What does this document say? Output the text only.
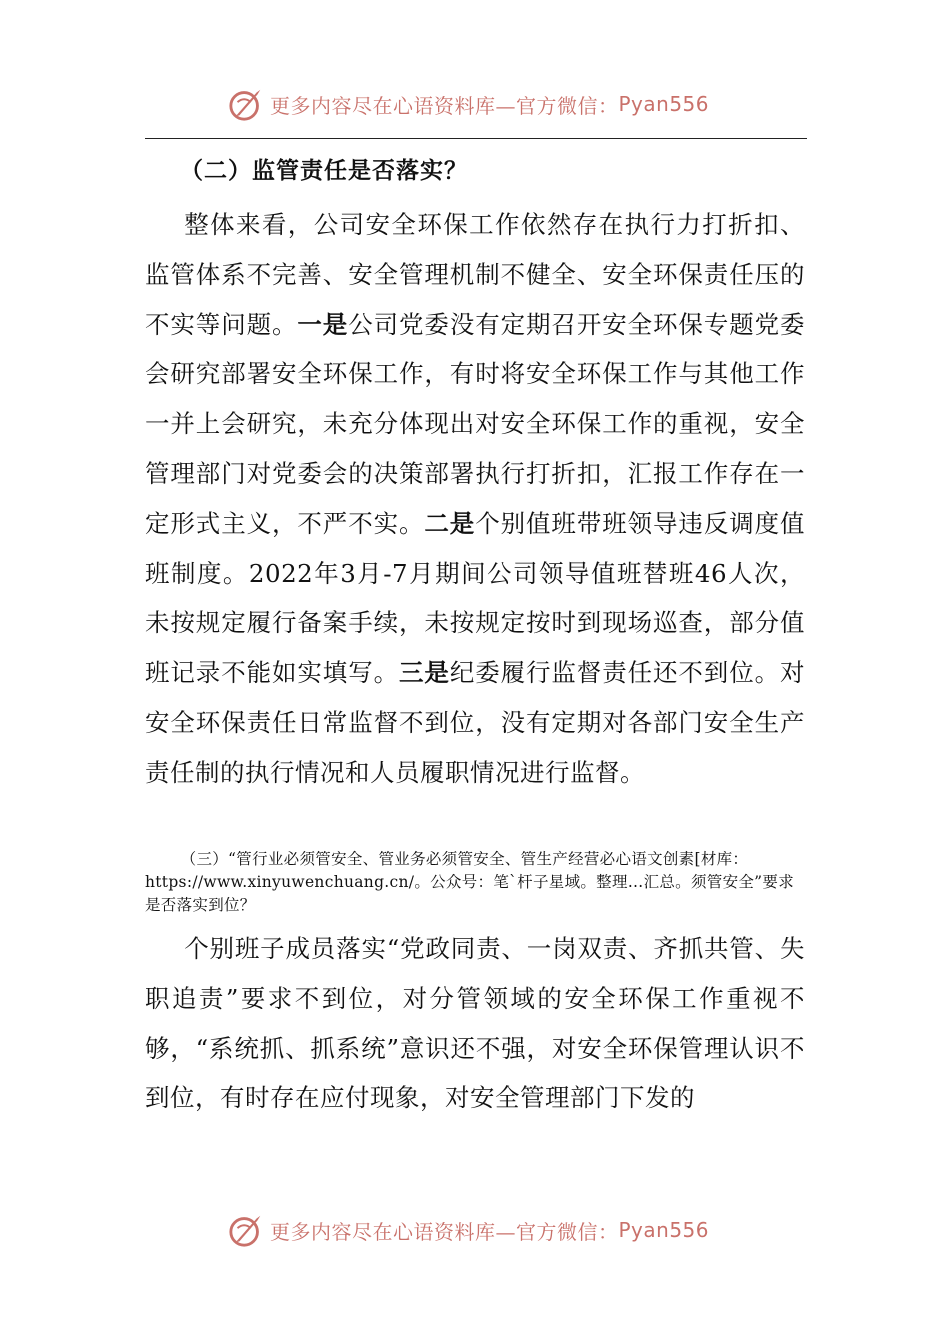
更多内容尽在心语资料库—官方微信： Pyan556
（二）监管责任是否落实？

整体来看，公司安全环保工作依然存在执行力打折扣、监管体系不完善、安全管理机制不健全、安全环保责任压的不实等问题。一是公司党委没有定期召开安全环保专题党委会研究部署安全环保工作，有时将安全环保工作与其他工作一并上会研究，未充分体现出对安全环保工作的重视，安全管理部门对党委会的决策部署执行打折扣，汇报工作存在一定形式主义，不严不实。二是个别值班带班领导违反调度值班制度。2022年3月-7月期间公司领导值班替班46人次，未按规定履行备案手续，未按规定按时到现场巡查，部分值班记录不能如实填写。三是纪委履行监督责任还不到位。对安全环保责任日常监督不到位，没有定期对各部门安全生产责任制的执行情况和人员履职情况进行监督。

（三）“管行业必须管安全、管业务必须管安全、管生产经营必心语文创素[材库：https://www.xinyuwenchuang.cn/。公众号：笔`杆子星域。整理…汇总。须管安全”要求是否落实到位？

个别班子成员落实“党政同责、一岗双责、齐抓共管、失职追责”要求不到位，对分管领域的安全环保工作重视不够，“系统抓、抓系统”意识还不强，对安全环保管理认识不到位，有时存在应付现象，对安全管理部门下发的

更多内容尽在心语资料库—官方微信： Pyan556
